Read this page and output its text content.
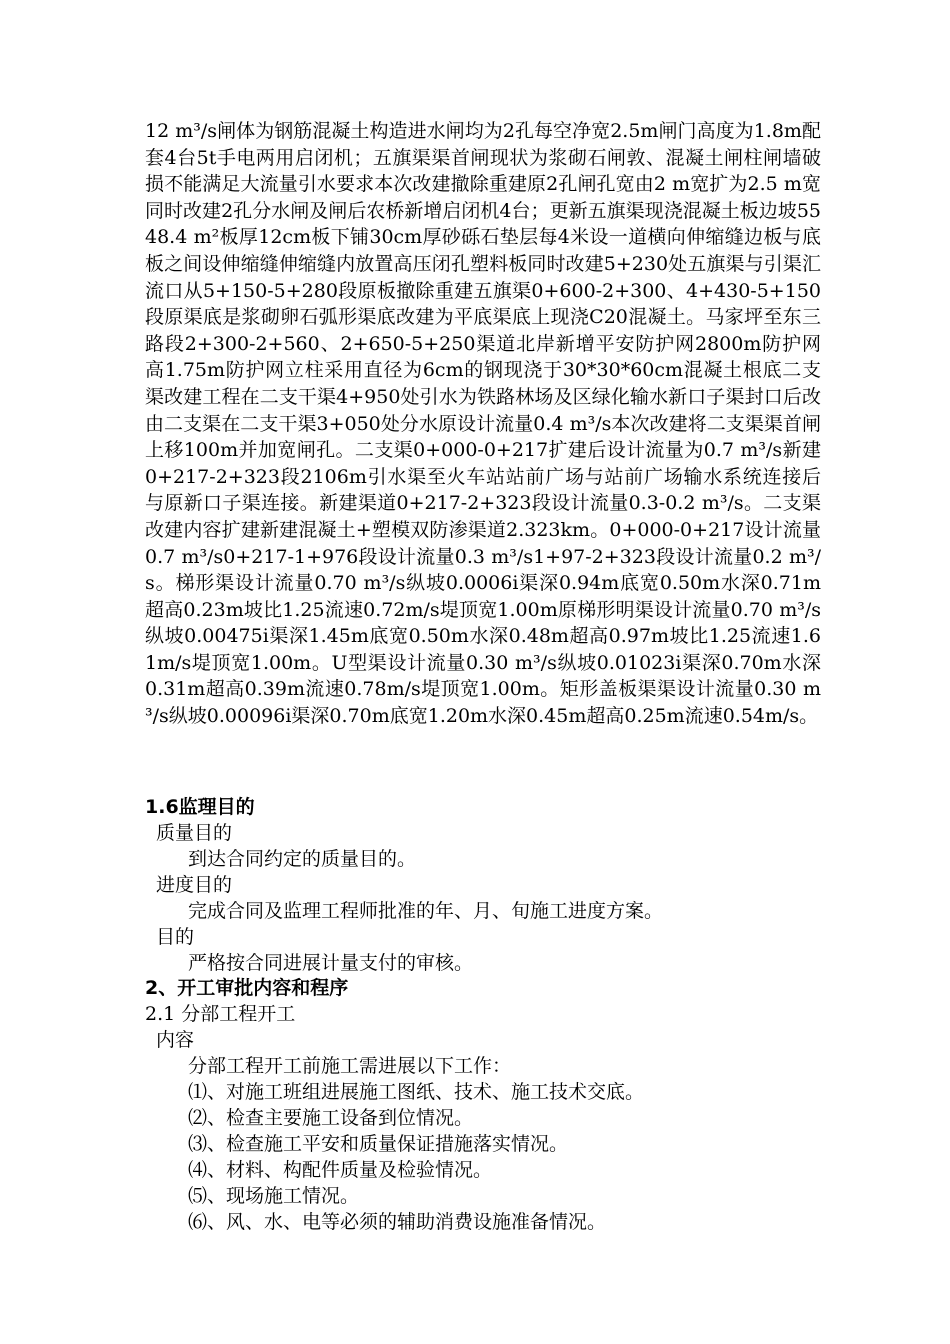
12 m³/s闸体为钢筋混凝土构造进水闸均为2孔每空净宽2.5m闸门高度为1.8m配套4台5t手电两用启闭机；五旗渠渠首闸现状为浆砌石闸敦、混凝土闸柱闸墙破损不能满足大流量引水要求本次改建撤除重建原2孔闸孔宽由2 m宽扩为2.5 m宽同时改建2孔分水闸及闸后农桥新增启闭机4台；更新五旗渠现浇混凝土板边坡5548.4 m²板厚12cm板下铺30cm厚砂砾石垫层每4米设一道横向伸缩缝边板与底板之间设伸缩缝伸缩缝内放置高压闭孔塑料板同时改建5+230处五旗渠与引渠汇流口从5+150-5+280段原板撤除重建五旗渠0+600-2+300、4+430-5+150段原渠底是浆砌卵石弧形渠底改建为平底渠底上现浇C20混凝土。马家坪至东三路段2+300-2+560、2+650-5+250渠道北岸新增平安防护网2800m防护网高1.75m防护网立柱采用直径为6cm的钢现浇于30*30*60cm混凝土根底二支渠改建工程在二支干渠4+950处引水为铁路林场及区绿化输水新口子渠封口后改由二支渠在二支干渠3+050处分水原设计流量0.4 m³/s本次改建将二支渠渠首闸上移100m并加宽闸孔。二支渠0+000-0+217扩建后设计流量为0.7 m³/s新建0+217-2+323段2106m引水渠至火车站站前广场与站前广场输水系统连接后与原新口子渠连接。新建渠道0+217-2+323段设计流量0.3-0.2 m³/s。二支渠改建内容扩建新建混凝土+塑模双防渗渠道2.323km。0+000-0+217设计流量0.7 m³/s0+217-1+976段设计流量0.3 m³/s1+97-2+323段设计流量0.2 m³/s。梯形渠设计流量0.70 m³/s纵坡0.0006i渠深0.94m底宽0.50m水深0.71m超高0.23m坡比1.25流速0.72m/s堤顶宽1.00m原梯形明渠设计流量0.70 m³/s纵坡0.00475i渠深1.45m底宽0.50m水深0.48m超高0.97m坡比1.25流速1.61m/s堤顶宽1.00m。U型渠设计流量0.30 m³/s纵坡0.01023i渠深0.70m水深0.31m超高0.39m流速0.78m/s堤顶宽1.00m。矩形盖板渠渠设计流量0.30 m³/s纵坡0.00096i渠深0.70m底宽1.20m水深0.45m超高0.25m流速0.54m/s。

1.6监理目的

质量目的

到达合同约定的质量目的。

进度目的

完成合同及监理工程师批准的年、月、旬施工进度方案。

目的

严格按合同进展计量支付的审核。

2、开工审批内容和程序

2.1 分部工程开工

内容

分部工程开工前施工需进展以下工作：

⑴、对施工班组进展施工图纸、技术、施工技术交底。

⑵、检查主要施工设备到位情况。

⑶、检查施工平安和质量保证措施落实情况。

⑷、材料、构配件质量及检验情况。

⑸、现场施工情况。

⑹、风、水、电等必须的辅助消费设施准备情况。
